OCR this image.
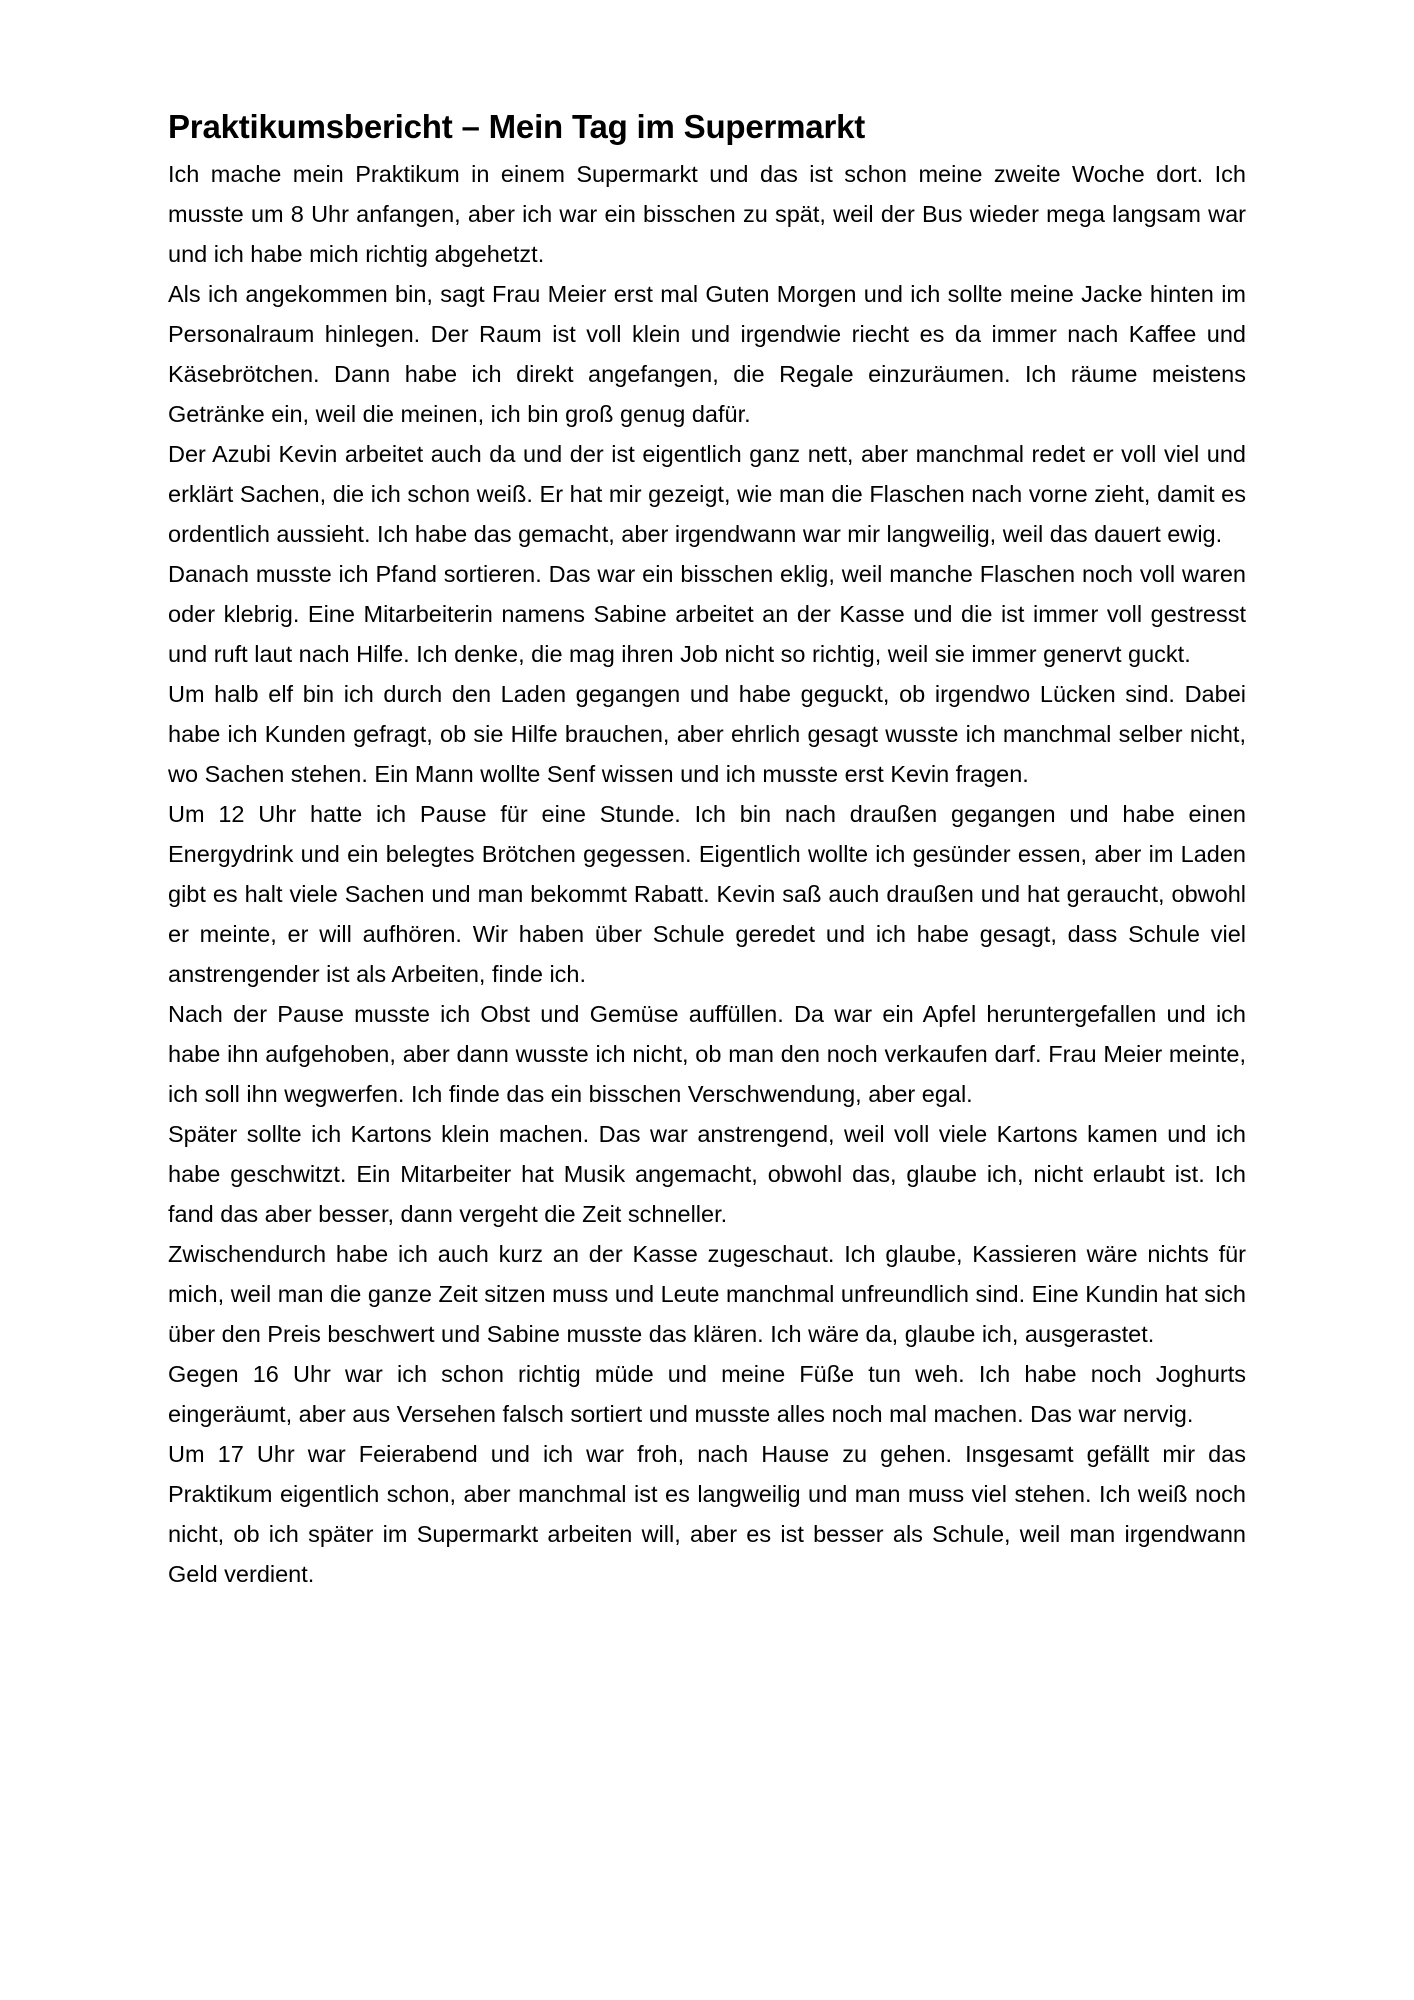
Praktikumsbericht – Mein Tag im Supermarkt

Ich mache mein Praktikum in einem Supermarkt und das ist schon meine zweite Woche dort. Ich musste um 8 Uhr anfangen, aber ich war ein bisschen zu spät, weil der Bus wieder mega langsam war und ich habe mich richtig abgehetzt.

Als ich angekommen bin, sagt Frau Meier erst mal Guten Morgen und ich sollte meine Jacke hinten im Personalraum hinlegen. Der Raum ist voll klein und irgendwie riecht es da immer nach Kaffee und Käsebrötchen. Dann habe ich direkt angefangen, die Regale einzuräumen. Ich räume meistens Getränke ein, weil die meinen, ich bin groß genug dafür.

Der Azubi Kevin arbeitet auch da und der ist eigentlich ganz nett, aber manchmal redet er voll viel und erklärt Sachen, die ich schon weiß. Er hat mir gezeigt, wie man die Flaschen nach vorne zieht, damit es ordentlich aussieht. Ich habe das gemacht, aber irgendwann war mir langweilig, weil das dauert ewig.

Danach musste ich Pfand sortieren. Das war ein bisschen eklig, weil manche Flaschen noch voll waren oder klebrig. Eine Mitarbeiterin namens Sabine arbeitet an der Kasse und die ist immer voll gestresst und ruft laut nach Hilfe. Ich denke, die mag ihren Job nicht so richtig, weil sie immer genervt guckt.

Um halb elf bin ich durch den Laden gegangen und habe geguckt, ob irgendwo Lücken sind. Dabei habe ich Kunden gefragt, ob sie Hilfe brauchen, aber ehrlich gesagt wusste ich manchmal selber nicht, wo Sachen stehen. Ein Mann wollte Senf wissen und ich musste erst Kevin fragen.

Um 12 Uhr hatte ich Pause für eine Stunde. Ich bin nach draußen gegangen und habe einen Energydrink und ein belegtes Brötchen gegessen. Eigentlich wollte ich gesünder essen, aber im Laden gibt es halt viele Sachen und man bekommt Rabatt. Kevin saß auch draußen und hat geraucht, obwohl er meinte, er will aufhören. Wir haben über Schule geredet und ich habe gesagt, dass Schule viel anstrengender ist als Arbeiten, finde ich.

Nach der Pause musste ich Obst und Gemüse auffüllen. Da war ein Apfel heruntergefallen und ich habe ihn aufgehoben, aber dann wusste ich nicht, ob man den noch verkaufen darf. Frau Meier meinte, ich soll ihn wegwerfen. Ich finde das ein bisschen Verschwendung, aber egal.

Später sollte ich Kartons klein machen. Das war anstrengend, weil voll viele Kartons kamen und ich habe geschwitzt. Ein Mitarbeiter hat Musik angemacht, obwohl das, glaube ich, nicht erlaubt ist. Ich fand das aber besser, dann vergeht die Zeit schneller.

Zwischendurch habe ich auch kurz an der Kasse zugeschaut. Ich glaube, Kassieren wäre nichts für mich, weil man die ganze Zeit sitzen muss und Leute manchmal unfreundlich sind. Eine Kundin hat sich über den Preis beschwert und Sabine musste das klären. Ich wäre da, glaube ich, ausgerastet.

Gegen 16 Uhr war ich schon richtig müde und meine Füße tun weh. Ich habe noch Joghurts eingeräumt, aber aus Versehen falsch sortiert und musste alles noch mal machen. Das war nervig.

Um 17 Uhr war Feierabend und ich war froh, nach Hause zu gehen. Insgesamt gefällt mir das Praktikum eigentlich schon, aber manchmal ist es langweilig und man muss viel stehen. Ich weiß noch nicht, ob ich später im Supermarkt arbeiten will, aber es ist besser als Schule, weil man irgendwann Geld verdient.
